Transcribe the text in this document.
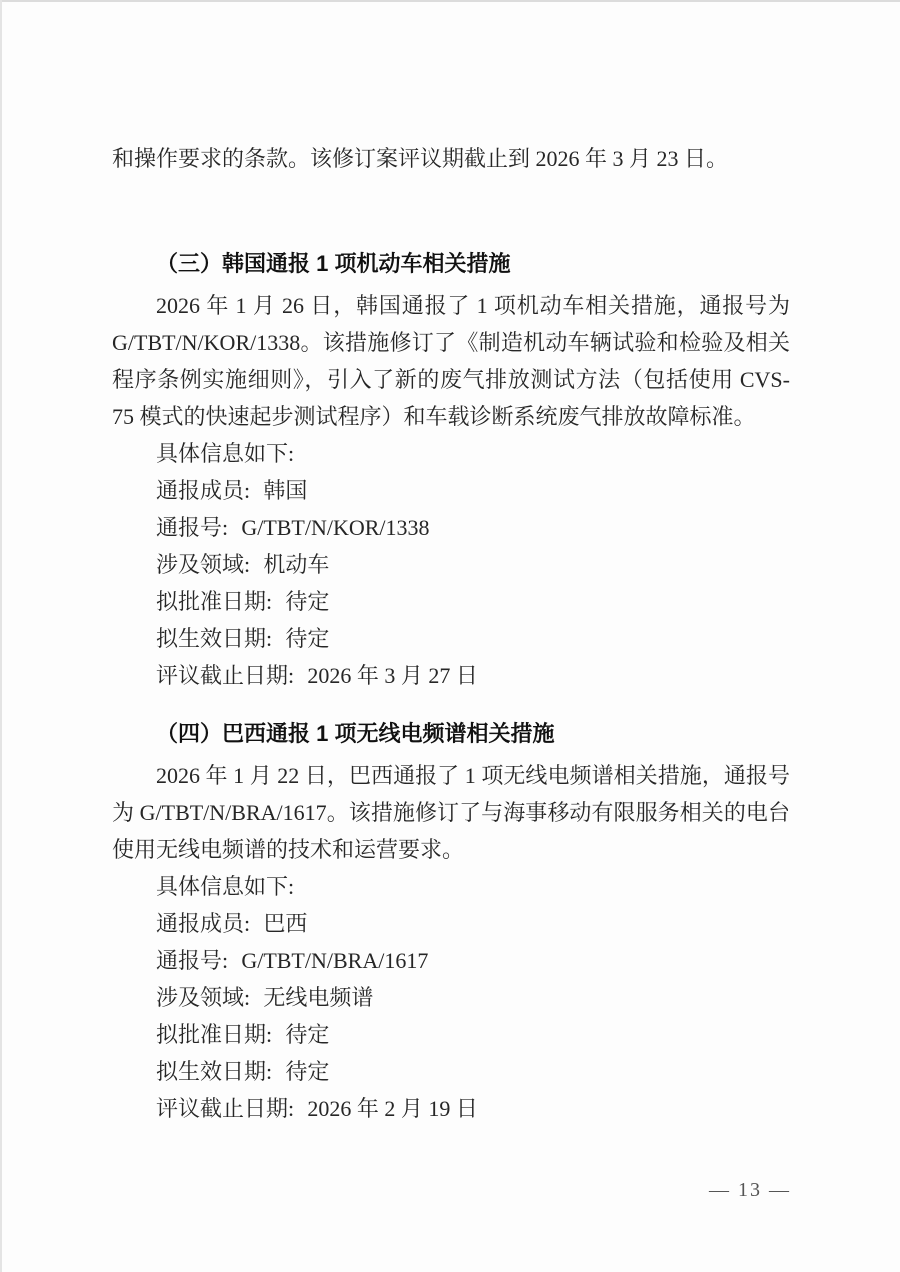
和操作要求的条款。该修订案评议期截止到 2026 年 3 月 23 日。

（三）韩国通报 1 项机动车相关措施

2026 年 1 月 26 日，韩国通报了 1 项机动车相关措施，通报号为 G/TBT/N/KOR/1338。该措施修订了《制造机动车辆试验和检验及相关程序条例实施细则》，引入了新的废气排放测试方法（包括使用 CVS-75 模式的快速起步测试程序）和车载诊断系统废气排放故障标准。

具体信息如下:

通报成员: 韩国

通报号: G/TBT/N/KOR/1338

涉及领域: 机动车

拟批准日期: 待定

拟生效日期: 待定

评议截止日期: 2026 年 3 月 27 日

（四）巴西通报 1 项无线电频谱相关措施

2026 年 1 月 22 日，巴西通报了 1 项无线电频谱相关措施，通报号为 G/TBT/N/BRA/1617。该措施修订了与海事移动有限服务相关的电台使用无线电频谱的技术和运营要求。

具体信息如下:

通报成员: 巴西

通报号: G/TBT/N/BRA/1617

涉及领域: 无线电频谱

拟批准日期: 待定

拟生效日期: 待定

评议截止日期: 2026 年 2 月 19 日

— 13 —
